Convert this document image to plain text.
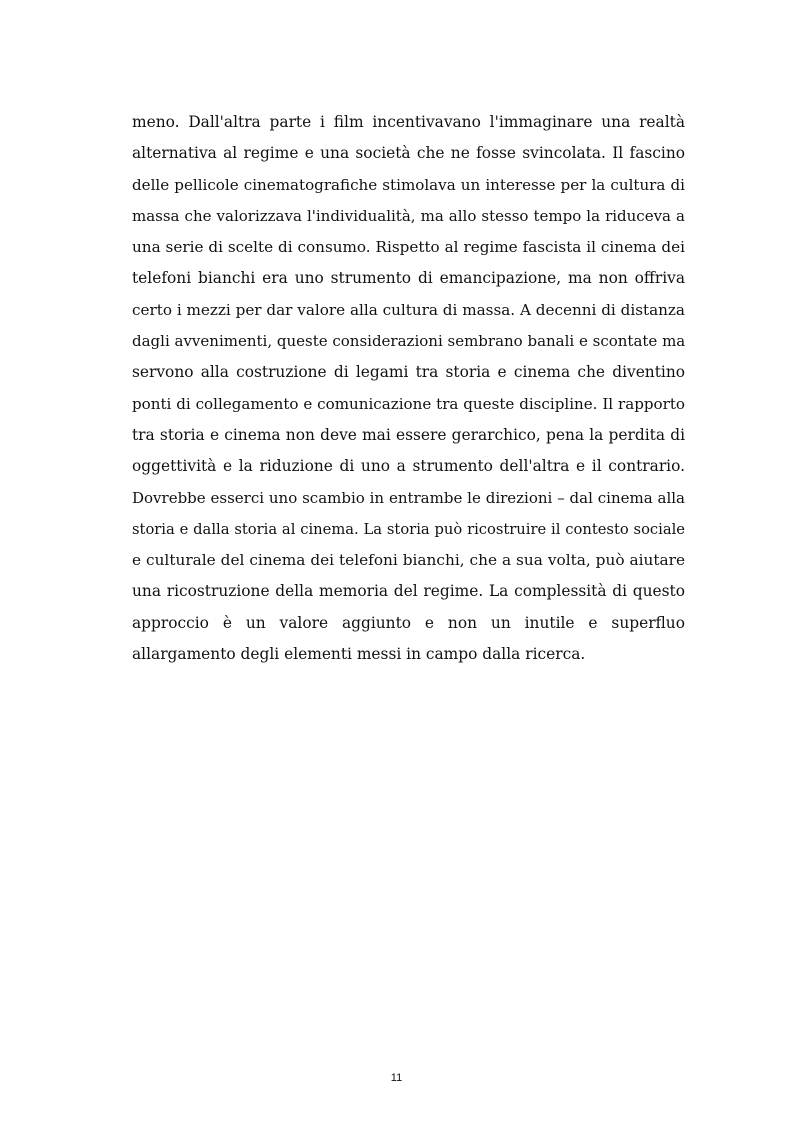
meno. Dall'altra parte i film incentivavano l'immaginare una realtà
alternativa al regime e una società che ne fosse svincolata. Il fascino
delle pellicole cinematografiche stimolava un interesse per la cultura di
massa che valorizzava l'individualità, ma allo stesso tempo la riduceva a
una serie di scelte di consumo. Rispetto al regime fascista il cinema dei
telefoni bianchi era uno strumento di emancipazione, ma non offriva
certo i mezzi per dar valore alla cultura di massa. A decenni di distanza
dagli avvenimenti, queste considerazioni sembrano banali e scontate ma
servono alla costruzione di legami tra storia e cinema che diventino
ponti di collegamento e comunicazione tra queste discipline. Il rapporto
tra storia e cinema non deve mai essere gerarchico, pena la perdita di
oggettività e la riduzione di uno a strumento dell'altra e il contrario.
Dovrebbe esserci uno scambio in entrambe le direzioni – dal cinema alla
storia e dalla storia al cinema. La storia può ricostruire il contesto sociale
e culturale del cinema dei telefoni bianchi, che a sua volta, può aiutare
una ricostruzione della memoria del regime. La complessità di questo
approccio è un valore aggiunto e non un inutile e superfluo
allargamento degli elementi messi in campo dalla ricerca.
11
